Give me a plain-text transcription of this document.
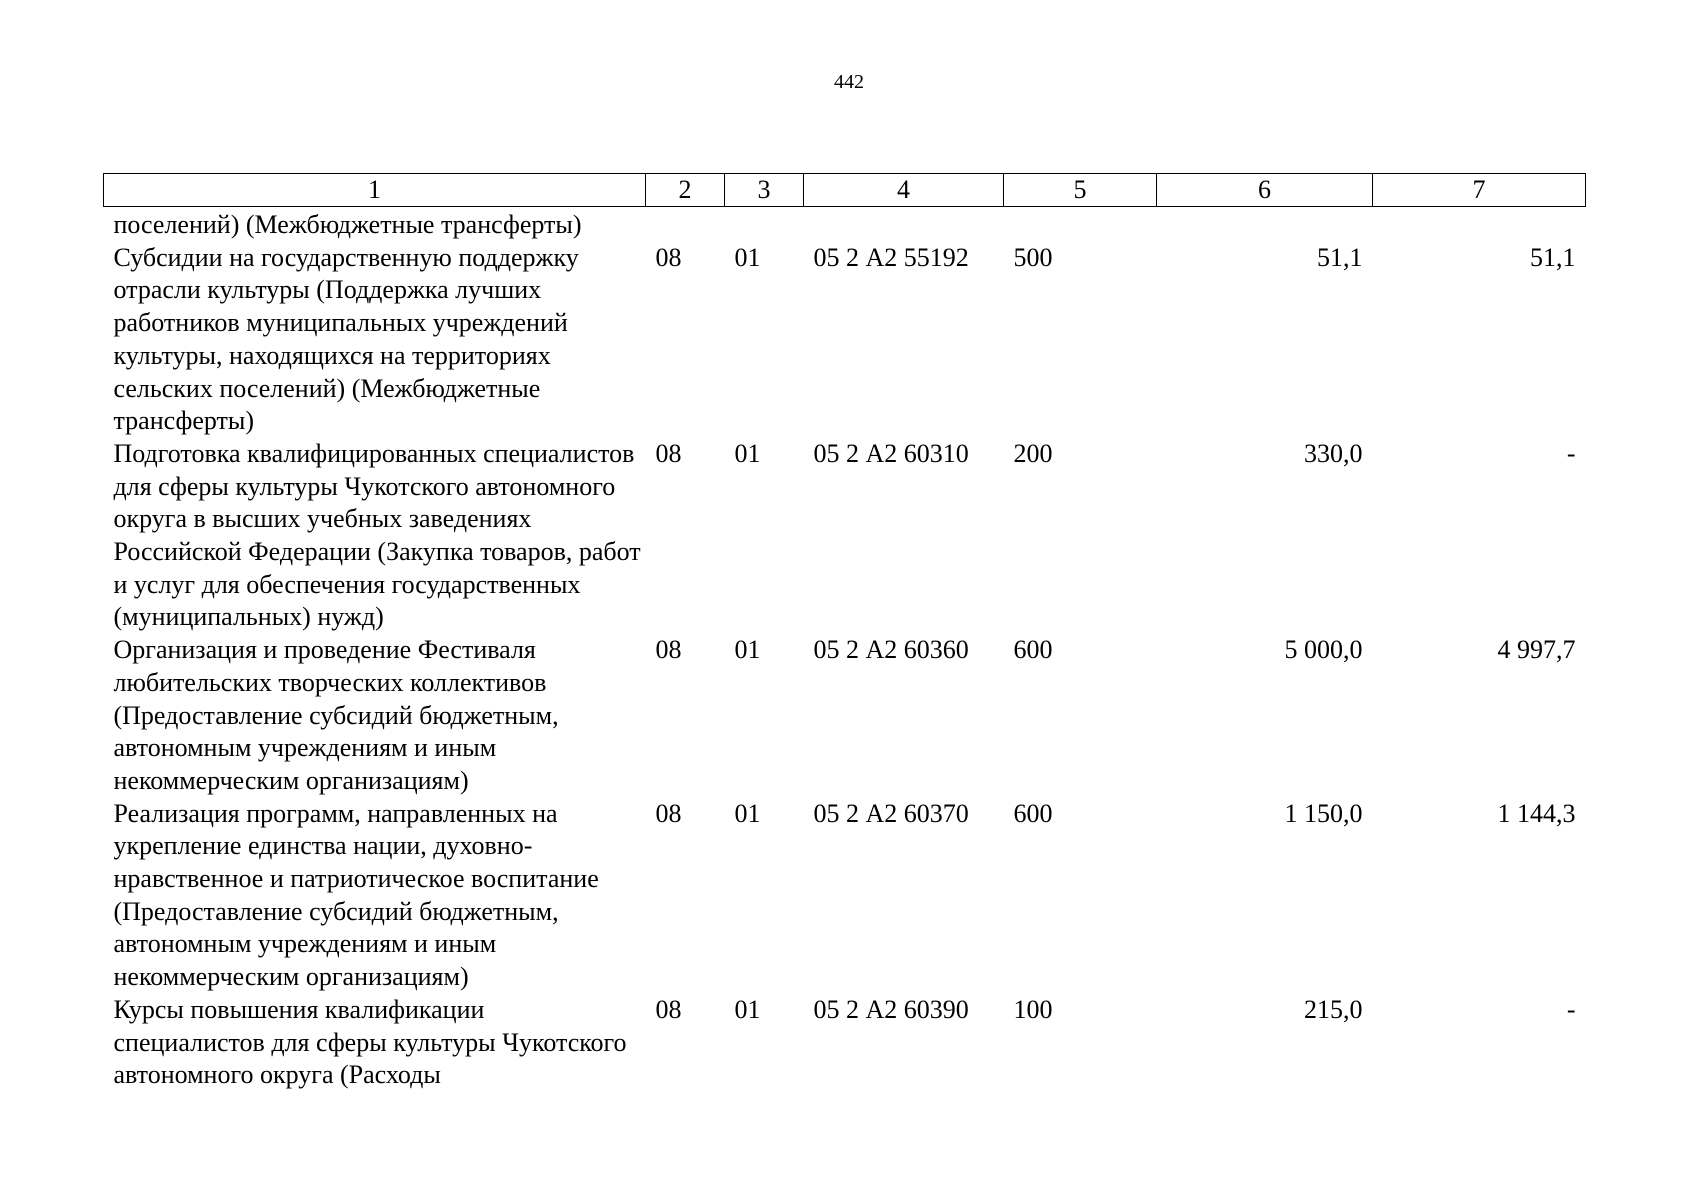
442
1	2	3	4	5	6	7
поселений) (Межбюджетные трансферты)						
Субсидии на государственную поддержку отрасли культуры (Поддержка лучших работников муниципальных учреждений культуры, находящихся на территориях сельских поселений) (Межбюджетные трансферты)	08	01	05 2 А2 55192	500	51,1	51,1
Подготовка квалифицированных специалистов для сферы культуры Чукотского автономного округа в высших учебных заведениях Российской Федерации (Закупка товаров, работ и услуг для обеспечения государственных (муниципальных) нужд)	08	01	05 2 А2 60310	200	330,0	-
Организация и проведение Фестиваля любительских творческих коллективов (Предоставление субсидий бюджетным, автономным учреждениям и иным некоммерческим организациям)	08	01	05 2 А2 60360	600	5 000,0	4 997,7
Реализация программ, направленных на укрепление единства нации, духовно-нравственное и патриотическое воспитание (Предоставление субсидий бюджетным, автономным учреждениям и иным некоммерческим организациям)	08	01	05 2 А2 60370	600	1 150,0	1 144,3
Курсы повышения квалификации специалистов для сферы культуры Чукотского автономного округа (Расходы	08	01	05 2 А2 60390	100	215,0	-
